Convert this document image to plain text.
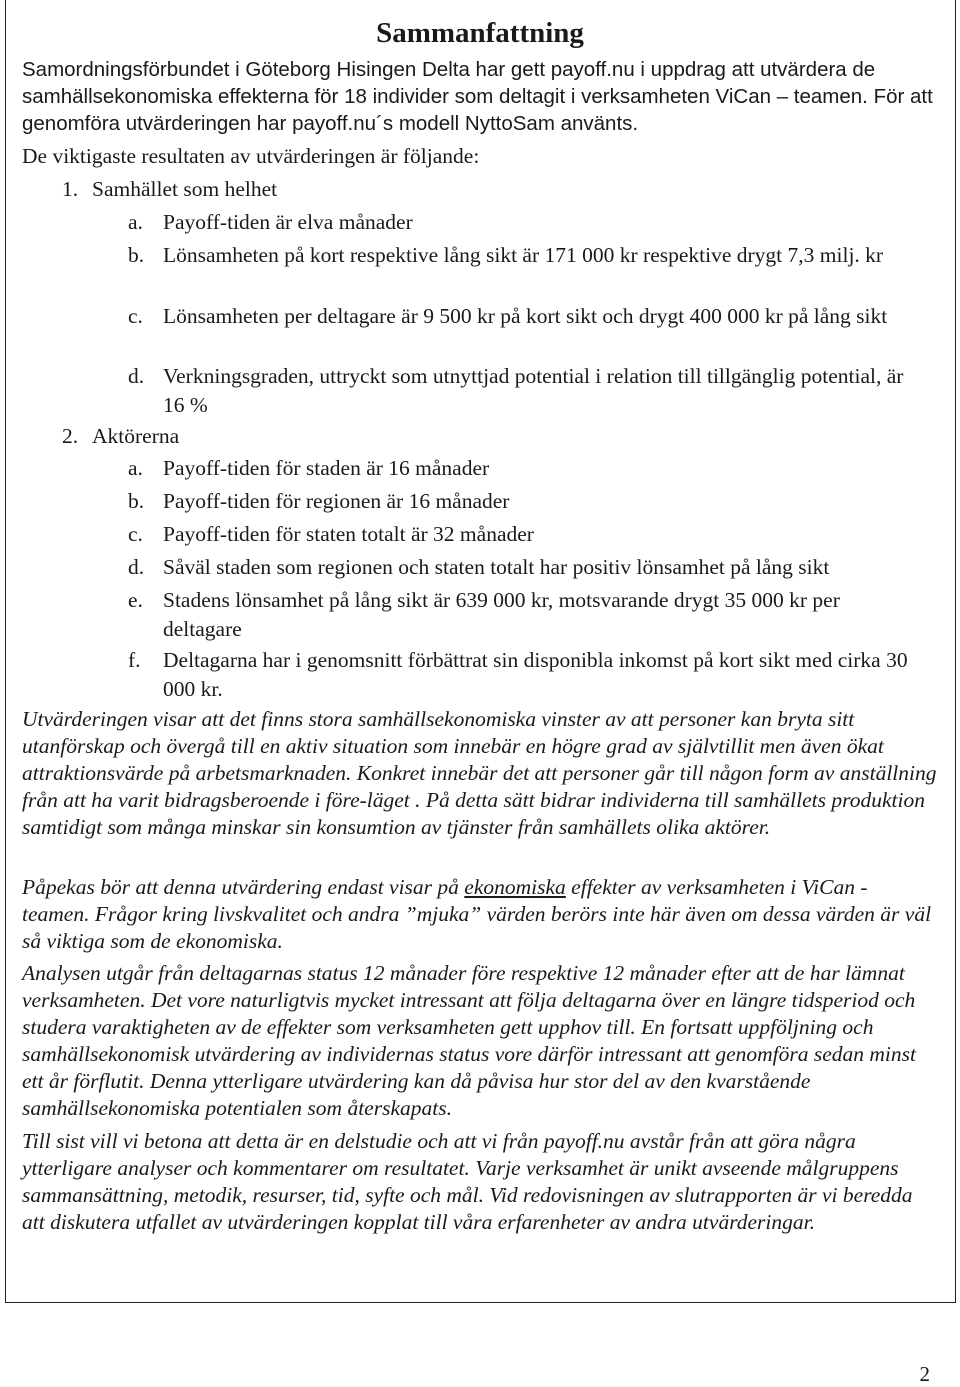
Sammanfattning

Samordningsförbundet i Göteborg Hisingen Delta har gett payoff.nu i uppdrag att utvärdera de samhällsekonomiska effekterna för 18 individer som deltagit i verksamheten ViCan – teamen. För att genomföra utvärderingen har payoff.nu´s modell NyttoSam använts.

De viktigaste resultaten av utvärderingen är följande:

1. Samhället som helhet

a. Payoff-tiden är elva månader

b. Lönsamheten på kort respektive lång sikt är 171 000 kr respektive drygt 7,3 milj. kr

c. Lönsamheten per deltagare är 9 500 kr på kort sikt och drygt 400 000 kr på lång sikt

d. Verkningsgraden, uttryckt som utnyttjad potential i relation till tillgänglig potential, är 16 %

2. Aktörerna

a. Payoff-tiden för staden är 16 månader

b. Payoff-tiden för regionen är 16 månader

c. Payoff-tiden för staten totalt är 32 månader

d. Såväl staden som regionen och staten totalt har positiv lönsamhet på lång sikt

e. Stadens lönsamhet på lång sikt är 639 000 kr, motsvarande drygt 35 000 kr per deltagare

f. Deltagarna har i genomsnitt förbättrat sin disponibla inkomst på kort sikt med cirka 30 000 kr.

Utvärderingen visar att det finns stora samhällsekonomiska vinster av att personer kan bryta sitt utanförskap och övergå till en aktiv situation som innebär en högre grad av självtillit men även ökat attraktionsvärde på arbetsmarknaden. Konkret innebär det att personer går till någon form av anställning från att ha varit bidragsberoende i före-läget . På detta sätt bidrar individerna till samhällets produktion samtidigt som många minskar sin konsumtion av tjänster från samhällets olika aktörer.

Påpekas bör att denna utvärdering endast visar på ekonomiska effekter av verksamheten i ViCan - teamen. Frågor kring livskvalitet och andra ”mjuka” värden berörs inte här även om dessa värden är väl så viktiga som de ekonomiska.

Analysen utgår från deltagarnas status 12 månader före respektive 12 månader efter att de har lämnat verksamheten. Det vore naturligtvis mycket intressant att följa deltagarna över en längre tidsperiod och studera varaktigheten av de effekter som verksamheten gett upphov till. En fortsatt uppföljning och samhällsekonomisk utvärdering av individernas status vore därför intressant att genomföra sedan minst ett år förflutit. Denna ytterligare utvärdering kan då påvisa hur stor del av den kvarstående samhällsekonomiska potentialen som återskapats.

Till sist vill vi betona att detta är en delstudie och att vi från payoff.nu avstår från att göra några ytterligare analyser och kommentarer om resultatet. Varje verksamhet är unikt avseende målgruppens sammansättning, metodik, resurser, tid, syfte och mål. Vid redovisningen av slutrapporten är vi beredda att diskutera utfallet av utvärderingen kopplat till våra erfarenheter av andra utvärderingar.

2
